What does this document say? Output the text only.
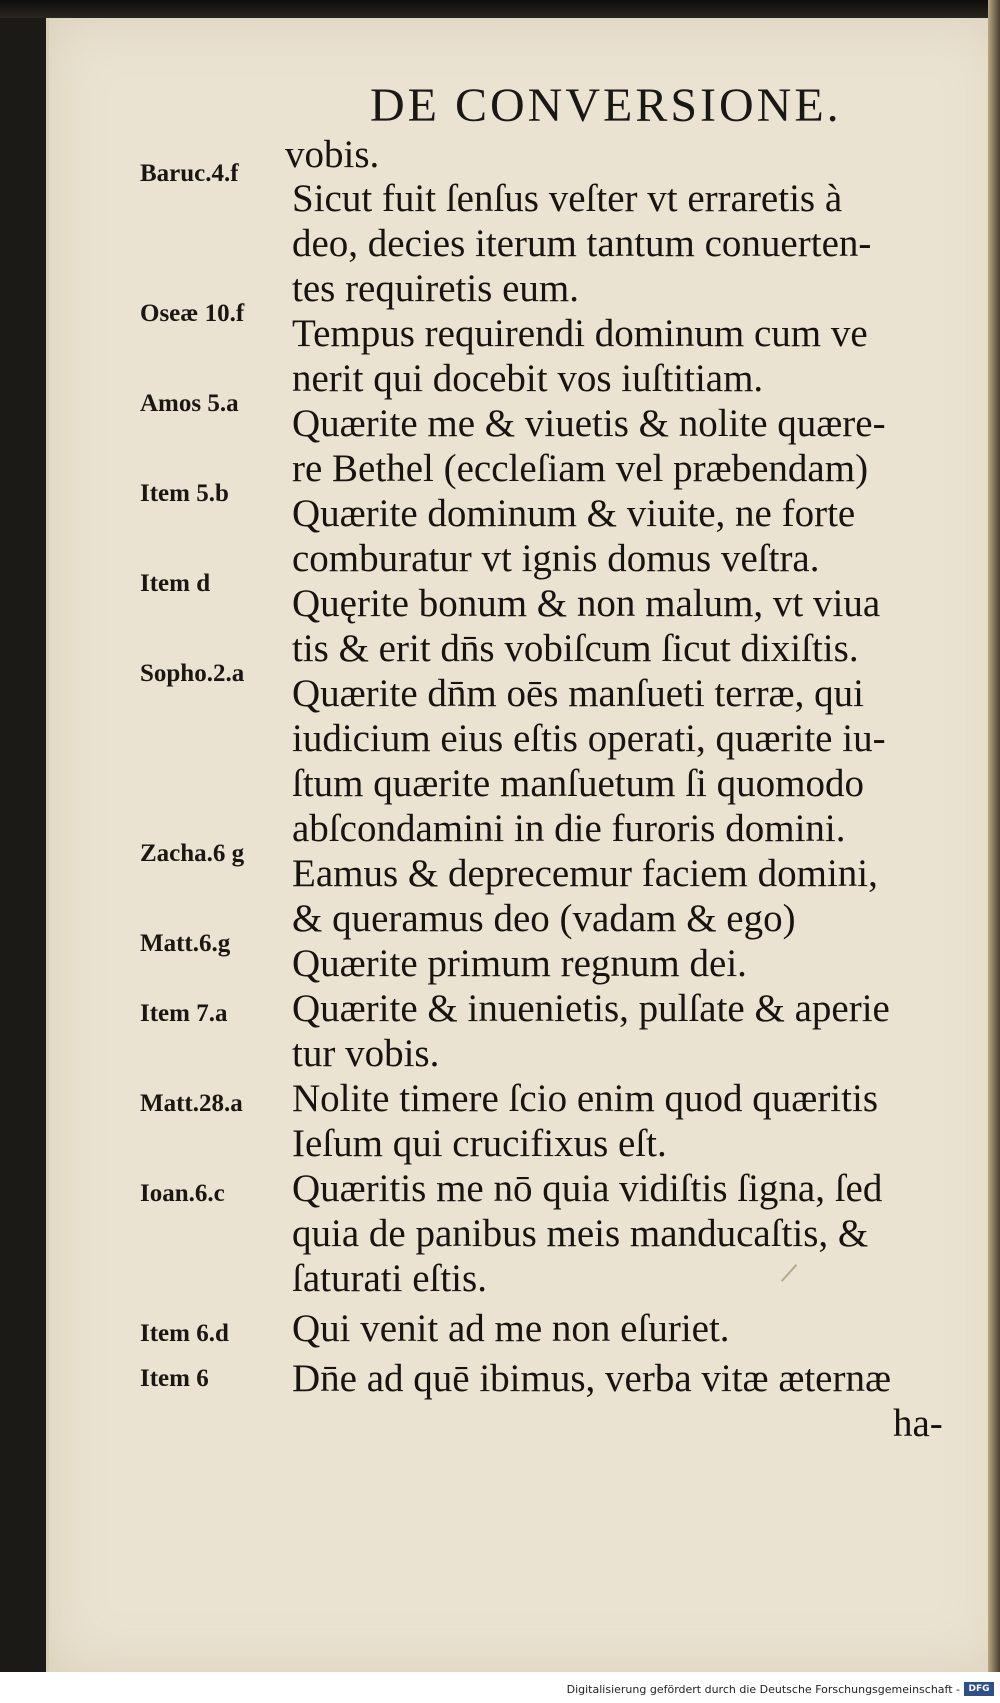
DE CONVERSIONE.
Baruc.4.f
Oseæ 10.f
Amos 5.a
Item 5.b
Item d
Sopho.2.a
Zacha.6 g
Matt.6.g
Item 7.a
Matt.28.a
Ioan.6.c
Item 6.d
Item 6
vobis.
Sicut fuit ſenſus veſter vt erraretis à
deo, decies iterum tantum conuerten-
tes requiretis eum.
Tempus requirendi dominum cum ve
nerit qui docebit vos iuſtitiam.
Quærite me & viuetis & nolite quære-
re Bethel (eccleſiam vel præbendam)
Quærite dominum & viuite, ne forte
comburatur vt ignis domus veſtra.
Quęrite bonum & non malum, vt viua
tis & erit dn̄s vobiſcum ſicut dixiſtis.
Quærite dn̄m oēs manſueti terræ, qui
iudicium eius eſtis operati, quærite iu-
ſtum quærite manſuetum ſi quomodo
abſcondamini in die furoris domini.
Eamus & deprecemur faciem domini,
& queramus deo (vadam & ego)
Quærite primum regnum dei.
Quærite & inuenietis, pulſate & aperie
tur vobis.
Nolite timere ſcio enim quod quæritis
Ieſum qui crucifixus eſt.
Quæritis me nō quia vidiſtis ſigna, ſed
quia de panibus meis manducaſtis, &
ſaturati eſtis.
Qui venit ad me non eſuriet.
Dn̄e ad quē ibimus, verba vitæ æternæ
ha-
Digitalisierung gefördert durch die Deutsche Forschungsgemeinschaft - DFG
